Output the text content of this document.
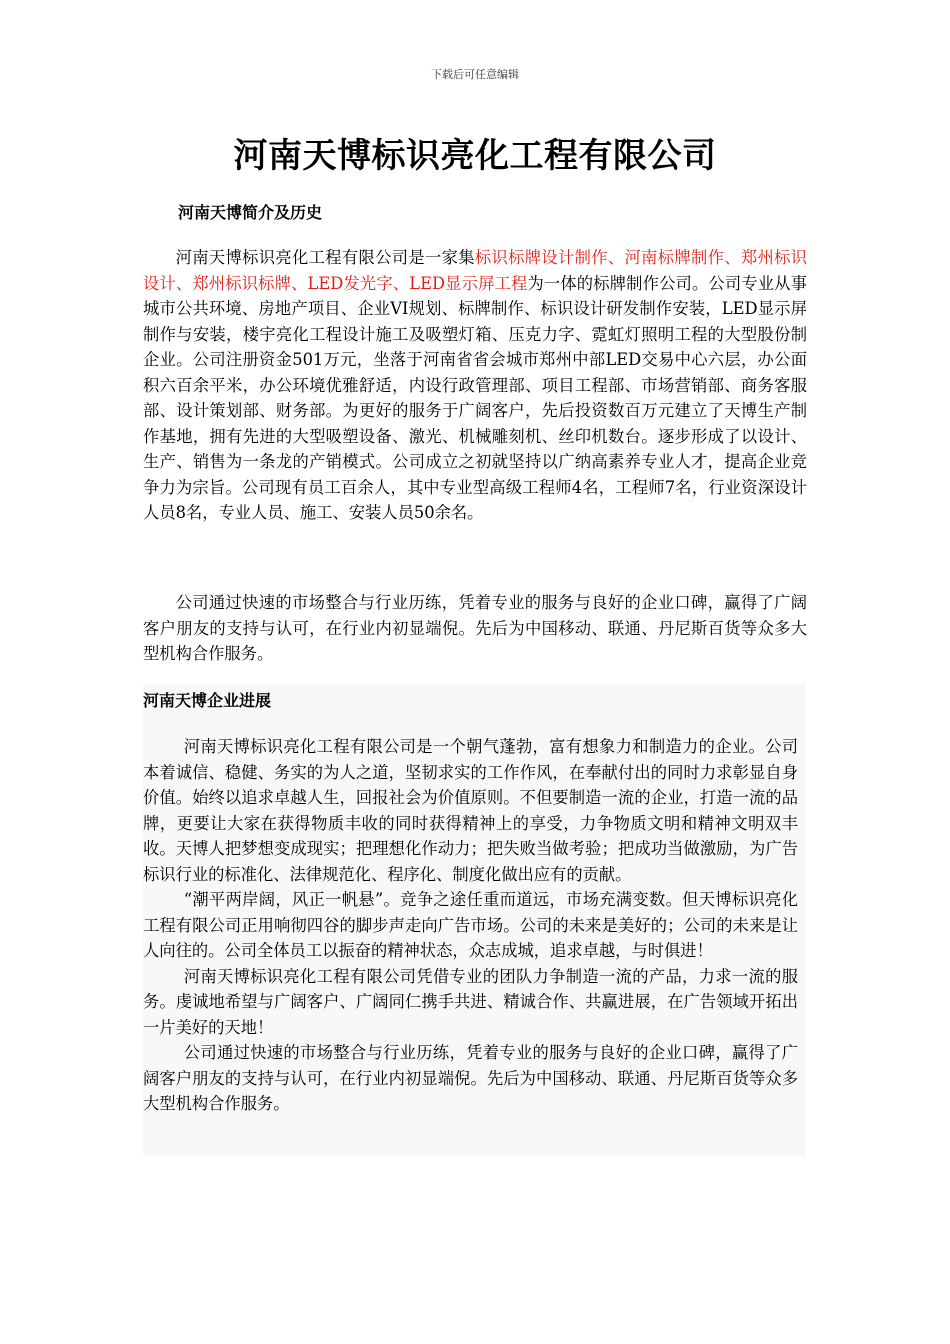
下载后可任意编辑
河南天博标识亮化工程有限公司
河南天博简介及历史

河南天博标识亮化工程有限公司是一家集标识标牌设计制作、河南标牌制作、郑州标识设计、郑州标识标牌、LED发光字、LED显示屏工程为一体的标牌制作公司。公司专业从事城市公共环境、房地产项目、企业VI规划、标牌制作、标识设计研发制作安装，LED显示屏制作与安装，楼宇亮化工程设计施工及吸塑灯箱、压克力字、霓虹灯照明工程的大型股份制企业。公司注册资金501万元，坐落于河南省省会城市郑州中部LED交易中心六层，办公面积六百余平米，办公环境优雅舒适，内设行政管理部、项目工程部、市场营销部、商务客服部、设计策划部、财务部。为更好的服务于广阔客户，先后投资数百万元建立了天博生产制作基地，拥有先进的大型吸塑设备、激光、机械雕刻机、丝印机数台。逐步形成了以设计、生产、销售为一条龙的产销模式。公司成立之初就坚持以广纳高素养专业人才，提高企业竞争力为宗旨。公司现有员工百余人，其中专业型高级工程师4名，工程师7名，行业资深设计人员8名，专业人员、施工、安装人员50余名。

公司通过快速的市场整合与行业历练，凭着专业的服务与良好的企业口碑，赢得了广阔客户朋友的支持与认可，在行业内初显端倪。先后为中国移动、联通、丹尼斯百货等众多大型机构合作服务。

河南天博企业进展

河南天博标识亮化工程有限公司是一个朝气蓬勃，富有想象力和制造力的企业。公司本着诚信、稳健、务实的为人之道，坚韧求实的工作作风，在奉献付出的同时力求彰显自身价值。始终以追求卓越人生，回报社会为价值原则。不但要制造一流的企业，打造一流的品牌，更要让大家在获得物质丰收的同时获得精神上的享受，力争物质文明和精神文明双丰收。天博人把梦想变成现实；把理想化作动力；把失败当做考验；把成功当做激励，为广告标识行业的标准化、法律规范化、程序化、制度化做出应有的贡献。

“潮平两岸阔，风正一帆悬”。竞争之途任重而道远，市场充满变数。但天博标识亮化工程有限公司正用响彻四谷的脚步声走向广告市场。公司的未来是美好的；公司的未来是让人向往的。公司全体员工以振奋的精神状态，众志成城，追求卓越，与时俱进！

河南天博标识亮化工程有限公司凭借专业的团队力争制造一流的产品，力求一流的服务。虔诚地希望与广阔客户、广阔同仁携手共进、精诚合作、共赢进展，在广告领域开拓出一片美好的天地！

公司通过快速的市场整合与行业历练，凭着专业的服务与良好的企业口碑，赢得了广阔客户朋友的支持与认可，在行业内初显端倪。先后为中国移动、联通、丹尼斯百货等众多大型机构合作服务。
